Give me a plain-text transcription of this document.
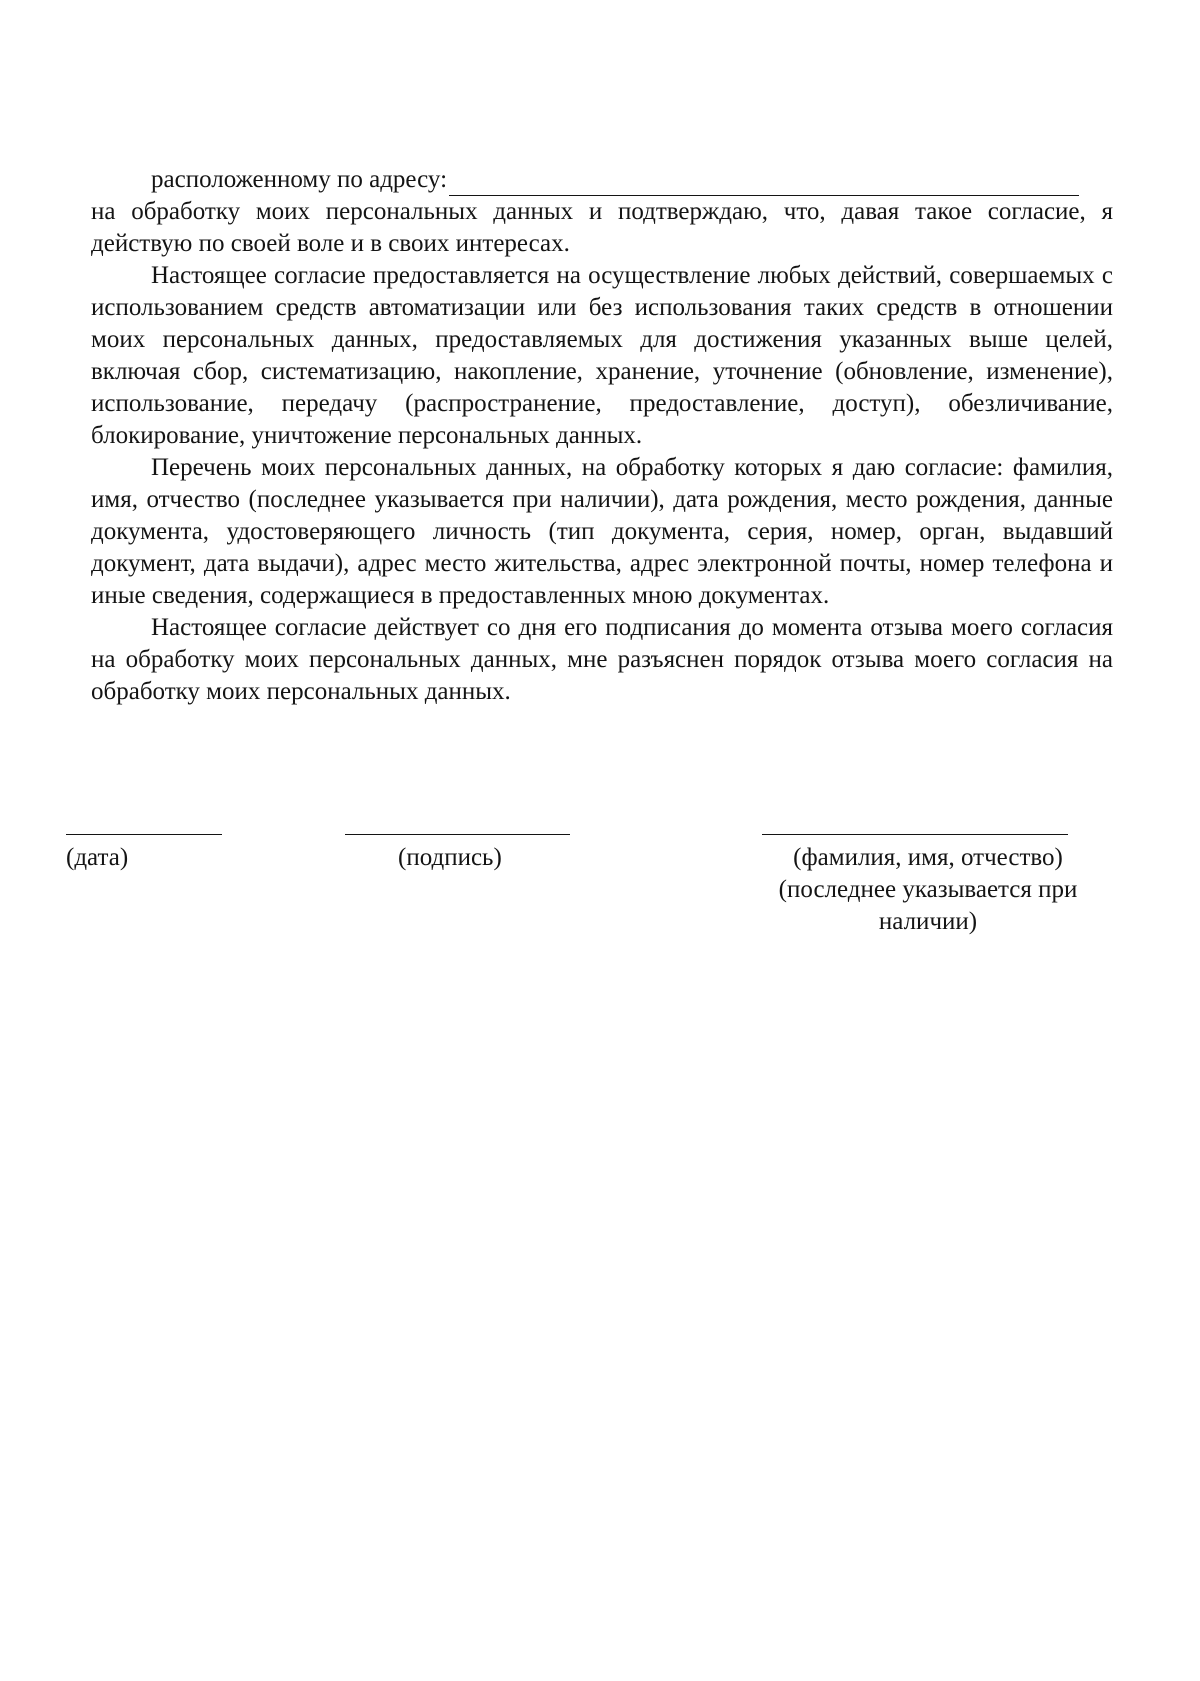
расположенному по адресу:

на обработку моих персональных данных и подтверждаю, что, давая такое согласие, я действую по своей воле и в своих интересах.

Настоящее согласие предоставляется на осуществление любых действий, совершаемых с использованием средств автоматизации или без использования таких средств в отношении моих персональных данных, предоставляемых для достижения указанных выше целей, включая сбор, систематизацию, накопление, хранение, уточнение (обновление, изменение), использование, передачу (распространение, предоставление, доступ), обезличивание, блокирование, уничтожение персональных данных.

Перечень моих персональных данных, на обработку которых я даю согласие: фамилия, имя, отчество (последнее указывается при наличии), дата рождения, место рождения, данные документа, удостоверяющего личность (тип документа, серия, номер, орган, выдавший документ, дата выдачи), адрес место жительства, адрес электронной почты, номер телефона и иные сведения, содержащиеся в предоставленных мною документах.

Настоящее согласие действует со дня его подписания до момента отзыва моего согласия на обработку моих персональных данных, мне разъяснен порядок отзыва моего согласия на обработку моих персональных данных.

(дата)	(подпись)	(фамилия, имя, отчество)
(последнее указывается при
наличии)
